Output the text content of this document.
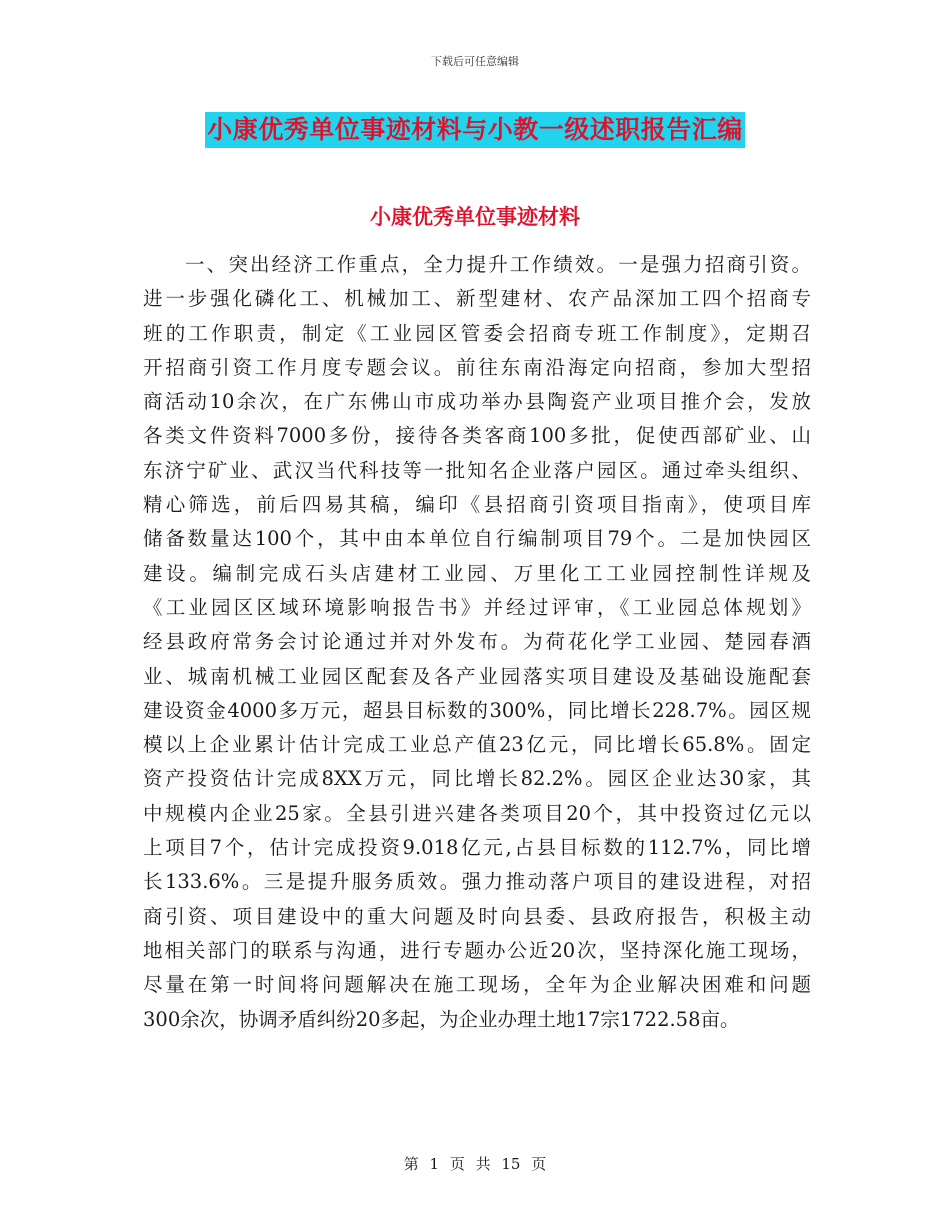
下载后可任意编辑
小康优秀单位事迹材料与小教一级述职报告汇编
小康优秀单位事迹材料
一、突出经济工作重点，全力提升工作绩效。一是强力招商引资。
进一步强化磷化工、机械加工、新型建材、农产品深加工四个招商专
班的工作职责，制定《工业园区管委会招商专班工作制度》，定期召
开招商引资工作月度专题会议。前往东南沿海定向招商，参加大型招
商活动10余次，在广东佛山市成功举办县陶瓷产业项目推介会，发放
各类文件资料7000多份，接待各类客商100多批，促使西部矿业、山
东济宁矿业、武汉当代科技等一批知名企业落户园区。通过牵头组织、
精心筛选，前后四易其稿，编印《县招商引资项目指南》，使项目库
储备数量达100个，其中由本单位自行编制项目79个。二是加快园区
建设。编制完成石头店建材工业园、万里化工工业园控制性详规及
《工业园区区域环境影响报告书》并经过评审，《工业园总体规划》
经县政府常务会讨论通过并对外发布。为荷花化学工业园、楚园春酒
业、城南机械工业园区配套及各产业园落实项目建设及基础设施配套
建设资金4000多万元，超县目标数的300%，同比增长228.7%。园区规
模以上企业累计估计完成工业总产值23亿元，同比增长65.8%。固定
资产投资估计完成8XX万元，同比增长82.2%。园区企业达30家，其
中规模内企业25家。全县引进兴建各类项目20个，其中投资过亿元以
上项目7个，估计完成投资9.018亿元,占县目标数的112.7%，同比增
长133.6%。三是提升服务质效。强力推动落户项目的建设进程，对招
商引资、项目建设中的重大问题及时向县委、县政府报告，积极主动
地相关部门的联系与沟通，进行专题办公近20次，坚持深化施工现场，
尽量在第一时间将问题解决在施工现场，全年为企业解决困难和问题
300余次，协调矛盾纠纷20多起，为企业办理土地17宗1722.58亩。
第 1 页 共 15 页
